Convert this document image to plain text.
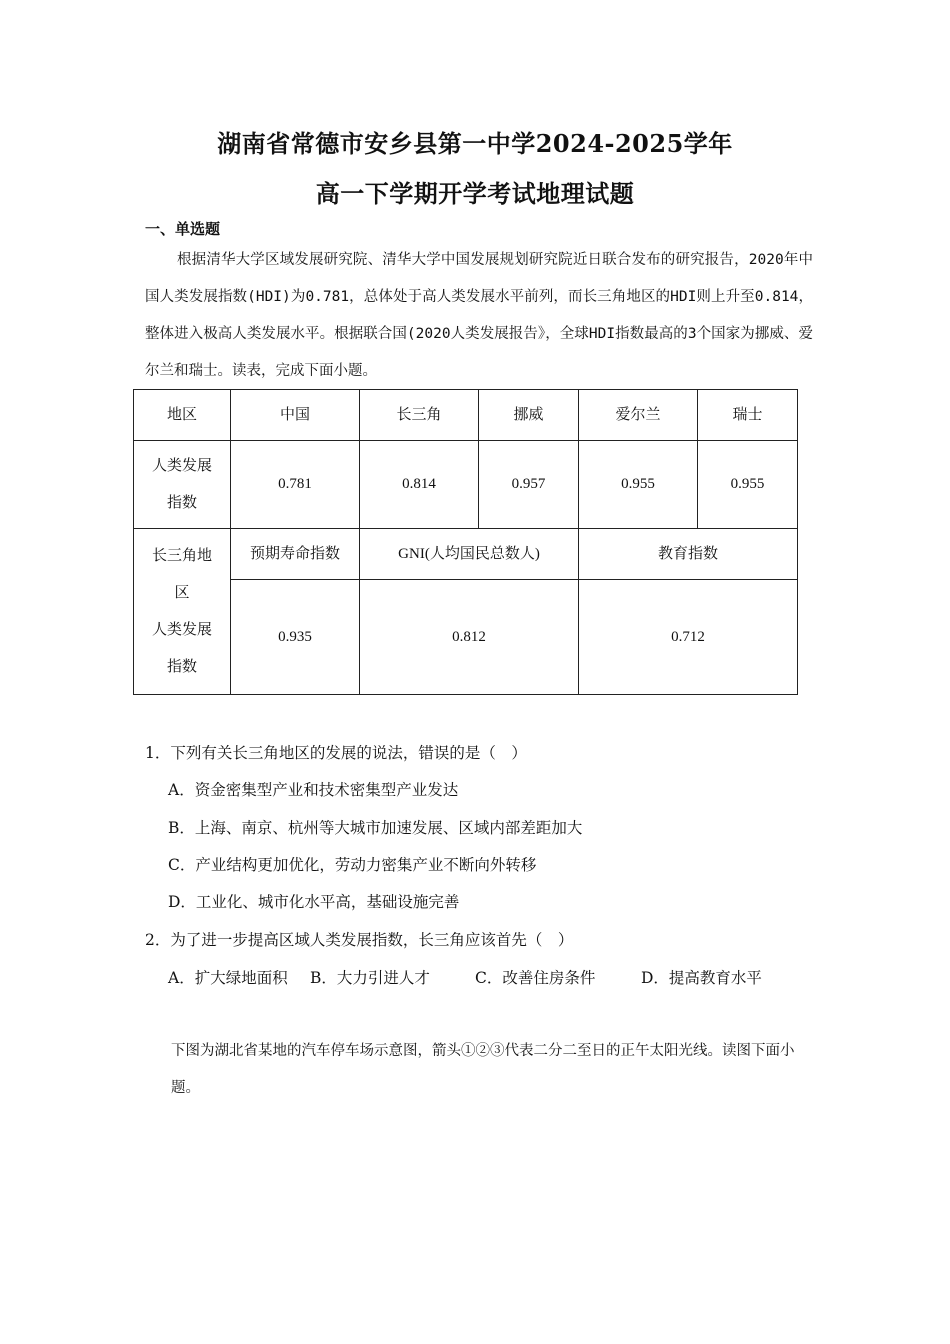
湖南省常德市安乡县第一中学2024-2025学年
高一下学期开学考试地理试题
一、单选题

根据清华大学区域发展研究院、清华大学中国发展规划研究院近日联合发布的研究报告，2020年中国人类发展指数(HDI)为0.781，总体处于高人类发展水平前列，而长三角地区的HDI则上升至0.814，整体进入极高人类发展水平。根据联合国(2020人类发展报告》，全球HDI指数最高的3个国家为挪威、爱尔兰和瑞士。读表，完成下面小题。

地区	中国	长三角	挪威	爱尔兰	瑞士

人类发展
指数	0.781	0.814	0.957	0.955	0.955

长三角地
区
人类发展
指数	预期寿命指数	GNI(人均国民总数人)		教育指数	
	0.935	0.812		0.712	

1．下列有关长三角地区的发展的说法，错误的是（　）

A．资金密集型产业和技术密集型产业发达

B．上海、南京、杭州等大城市加速发展、区域内部差距加大

C．产业结构更加优化，劳动力密集产业不断向外转移

D．工业化、城市化水平高，基础设施完善

2．为了进一步提高区域人类发展指数，长三角应该首先（　）

A．扩大绿地面积 B．大力引进人才	C．改善住房条件	D．提高教育水平

下图为湖北省某地的汽车停车场示意图，箭头①②③代表二分二至日的正午太阳光线。读图下面小题。
